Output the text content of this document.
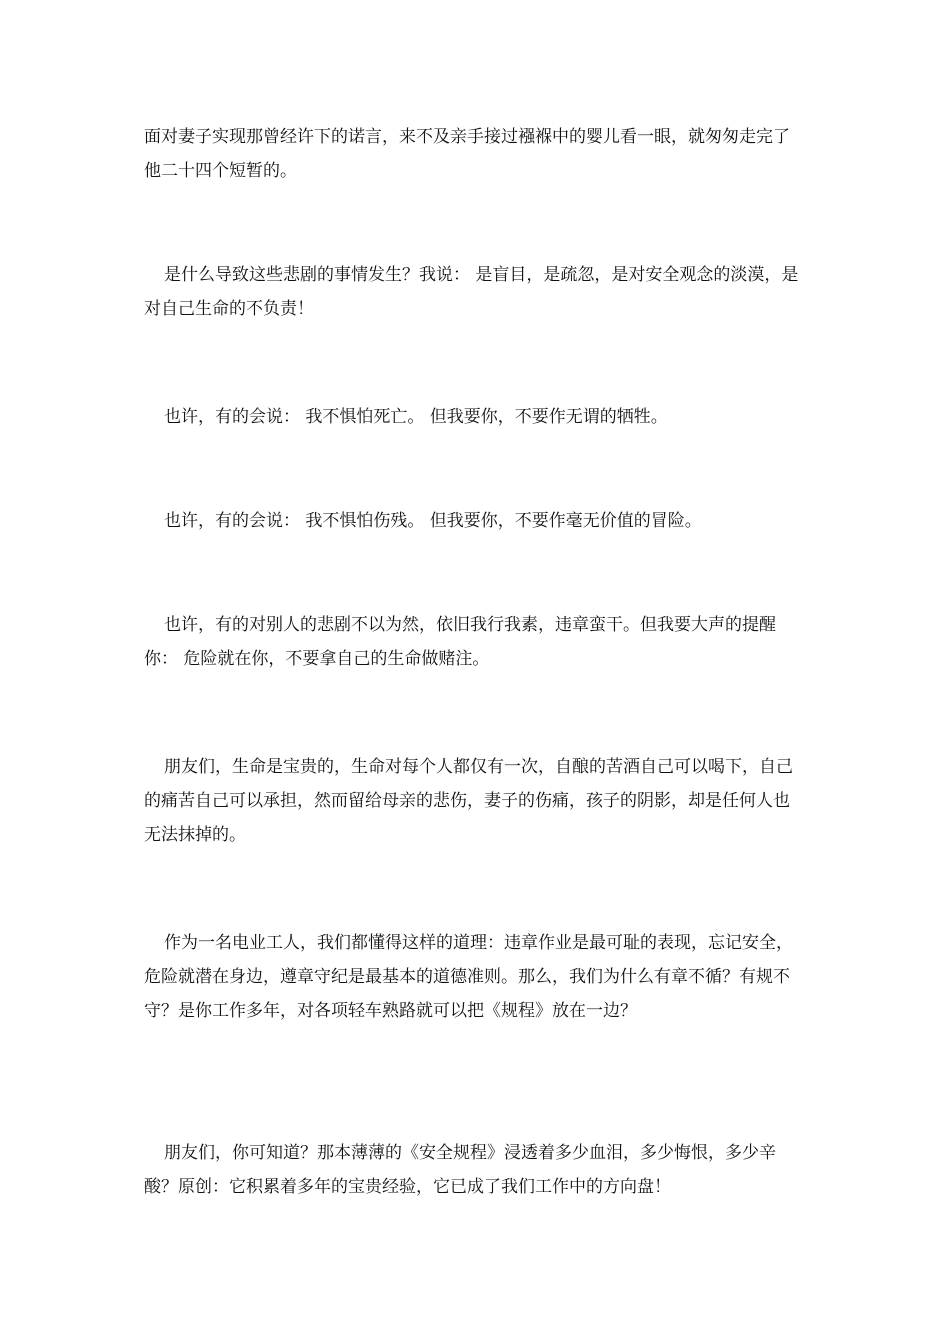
面对妻子实现那曾经许下的诺言，来不及亲手接过襁褓中的婴儿看一眼，就匆匆走完了他二十四个短暂的。

是什么导致这些悲剧的事情发生？我说： 是盲目，是疏忽，是对安全观念的淡漠，是对自己生命的不负责！

也许，有的会说： 我不惧怕死亡。 但我要你，不要作无谓的牺牲。

也许，有的会说： 我不惧怕伤残。 但我要你，不要作毫无价值的冒险。

也许，有的对别人的悲剧不以为然，依旧我行我素，违章蛮干。但我要大声的提醒你： 危险就在你，不要拿自己的生命做赌注。

朋友们，生命是宝贵的，生命对每个人都仅有一次，自酿的苦酒自己可以喝下，自己的痛苦自己可以承担，然而留给母亲的悲伤，妻子的伤痛，孩子的阴影，却是任何人也无法抹掉的。

作为一名电业工人，我们都懂得这样的道理：违章作业是最可耻的表现，忘记安全，危险就潜在身边，遵章守纪是最基本的道德准则。那么，我们为什么有章不循？有规不守？是你工作多年，对各项轻车熟路就可以把《规程》放在一边？

朋友们，你可知道？那本薄薄的《安全规程》浸透着多少血泪，多少悔恨，多少辛酸？原创：它积累着多年的宝贵经验，它已成了我们工作中的方向盘！
